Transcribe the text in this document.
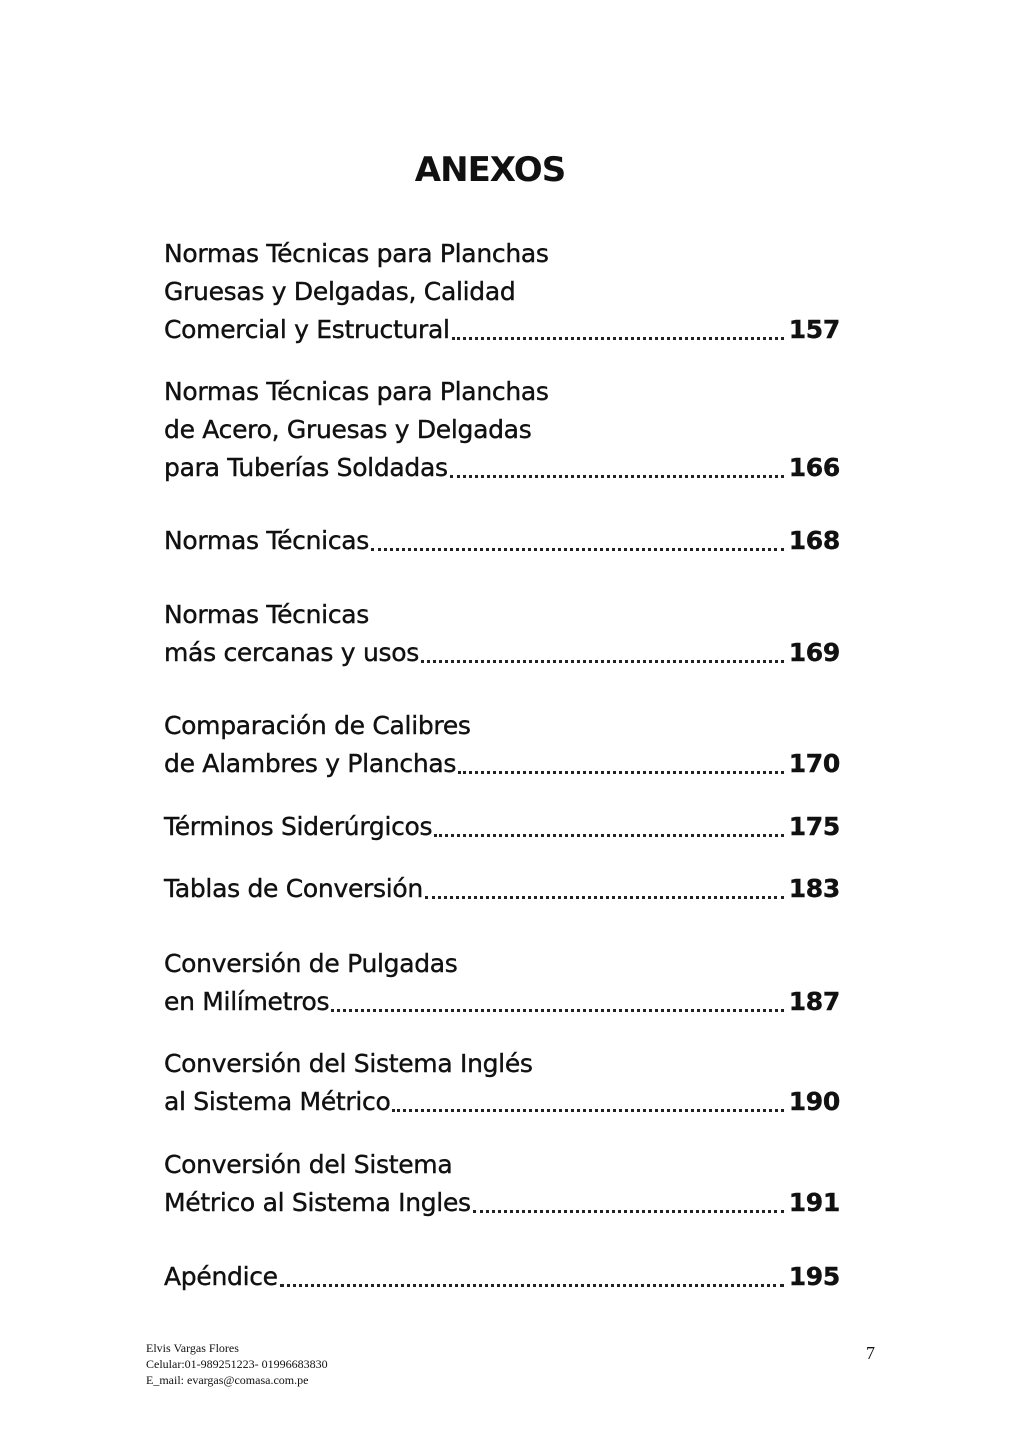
ANEXOS
Normas Técnicas para Planchas
Gruesas y Delgadas, Calidad
Comercial y Estructural	157
Normas Técnicas para Planchas
de Acero, Gruesas y Delgadas
para Tuberías Soldadas	166
Normas Técnicas	168
Normas Técnicas
más cercanas y usos	169
Comparación de Calibres
de Alambres y Planchas	170
Términos Siderúrgicos	175
Tablas de Conversión	183
Conversión de Pulgadas
en Milímetros	187
Conversión del Sistema Inglés
al Sistema Métrico	190
Conversión del Sistema
Métrico al Sistema Ingles	191
Apéndice	195
Elvis Vargas Flores
Celular:01-989251223- 01996683830
E_mail: evargas@comasa.com.pe
7
